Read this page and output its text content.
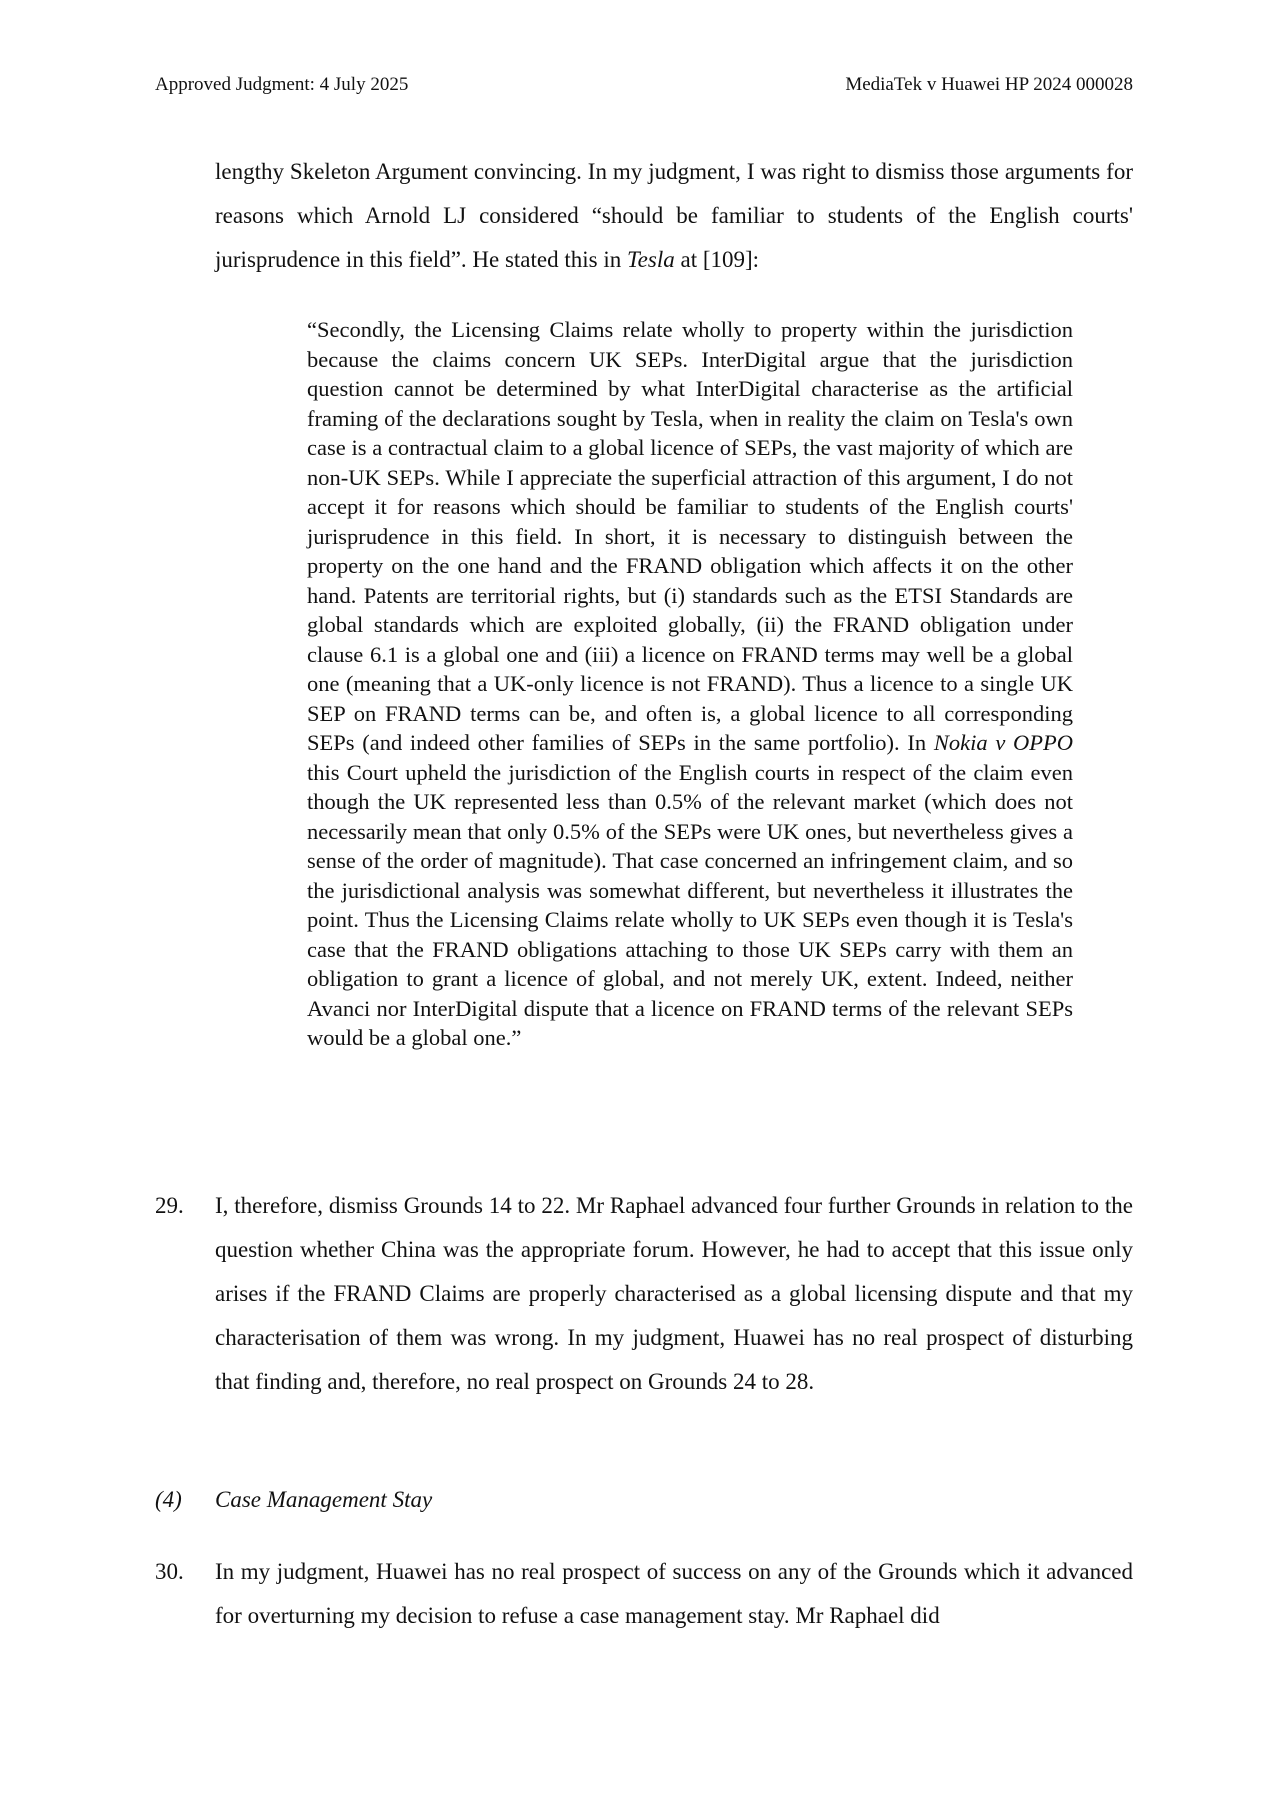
Approved Judgment: 4 July 2025	MediaTek v Huawei HP 2024 000028
lengthy Skeleton Argument convincing. In my judgment, I was right to dismiss those arguments for reasons which Arnold LJ considered “should be familiar to students of the English courts' jurisprudence in this field”. He stated this in Tesla at [109]:
“Secondly, the Licensing Claims relate wholly to property within the jurisdiction because the claims concern UK SEPs. InterDigital argue that the jurisdiction question cannot be determined by what InterDigital characterise as the artificial framing of the declarations sought by Tesla, when in reality the claim on Tesla's own case is a contractual claim to a global licence of SEPs, the vast majority of which are non-UK SEPs. While I appreciate the superficial attraction of this argument, I do not accept it for reasons which should be familiar to students of the English courts' jurisprudence in this field. In short, it is necessary to distinguish between the property on the one hand and the FRAND obligation which affects it on the other hand. Patents are territorial rights, but (i) standards such as the ETSI Standards are global standards which are exploited globally, (ii) the FRAND obligation under clause 6.1 is a global one and (iii) a licence on FRAND terms may well be a global one (meaning that a UK-only licence is not FRAND). Thus a licence to a single UK SEP on FRAND terms can be, and often is, a global licence to all corresponding SEPs (and indeed other families of SEPs in the same portfolio). In Nokia v OPPO this Court upheld the jurisdiction of the English courts in respect of the claim even though the UK represented less than 0.5% of the relevant market (which does not necessarily mean that only 0.5% of the SEPs were UK ones, but nevertheless gives a sense of the order of magnitude). That case concerned an infringement claim, and so the jurisdictional analysis was somewhat different, but nevertheless it illustrates the point. Thus the Licensing Claims relate wholly to UK SEPs even though it is Tesla's case that the FRAND obligations attaching to those UK SEPs carry with them an obligation to grant a licence of global, and not merely UK, extent. Indeed, neither Avanci nor InterDigital dispute that a licence on FRAND terms of the relevant SEPs would be a global one.”
29. I, therefore, dismiss Grounds 14 to 22. Mr Raphael advanced four further Grounds in relation to the question whether China was the appropriate forum. However, he had to accept that this issue only arises if the FRAND Claims are properly characterised as a global licensing dispute and that my characterisation of them was wrong. In my judgment, Huawei has no real prospect of disturbing that finding and, therefore, no real prospect on Grounds 24 to 28.
(4) Case Management Stay
30. In my judgment, Huawei has no real prospect of success on any of the Grounds which it advanced for overturning my decision to refuse a case management stay. Mr Raphael did
